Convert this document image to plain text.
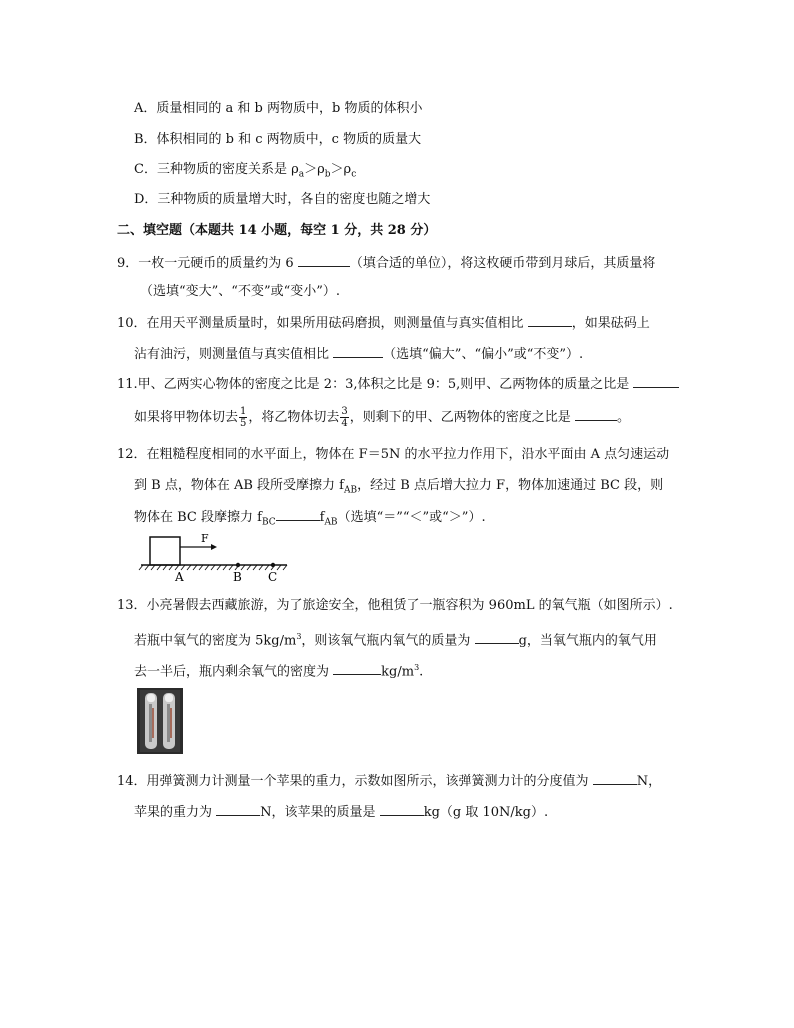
A．质量相同的 a 和 b 两物质中，b 物质的体积小
B．体积相同的 b 和 c 两物质中，c 物质的质量大
C．三种物质的密度关系是 $\rho_a>\rho_b>\rho_c$
D．三种物质的质量增大时，各自的密度也随之增大
二、填空题（本题共 14 小题，每空 1 分，共 28 分）
9．一枚一元硬币的质量约为 6	（填合适的单位），将这枚硬币带到月球后，其质量将
（选填“变大”、“不变”或“变小”）.
10．在用天平测量质量时，如果所用砝码磨损，则测量值与真实值相比	，如果砝码上
沾有油污，则测量值与真实值相比	（选填“偏大”、“偏小”或“不变”）.
11.甲、乙两实心物体的密度之比是 2：3,体积之比是 9：5,则甲、乙两物体的质量之比是
如果将甲物体切去 $\frac{1}{5}$ ，将乙物体切去 $\frac{3}{4}$ ，则剩下的甲、乙两物体的密度之比是	。
12．在粗糙程度相同的水平面上，物体在 F＝5N 的水平拉力作用下，沿水平面由 A 点匀速运动
到 B 点，物体在 AB 段所受摩擦力 $f_{AB}$，经过 B 点后增大拉力 F，物体加速通过 BC 段，则
物体在 BC 段摩擦力 $f_{BC}$	$f_{AB}$（选填“＝”“＜”或“＞”）.
F
A	B C
13．小亮暑假去西藏旅游，为了旅途安全，他租赁了一瓶容积为 960mL 的氧气瓶（如图所示）.
若瓶中氧气的密度为 $5kg/m^3$，则该氧气瓶内氧气的质量为	g，当氧气瓶内的氧气用
去一半后，瓶内剩余氧气的密度为	$kg/m^3$.
14．用弹簧测力计测量一个苹果的重力，示数如图所示，该弹簧测力计的分度值为	N，
苹果的重力为	N，该苹果的质量是	kg（g 取 10N/kg）.
